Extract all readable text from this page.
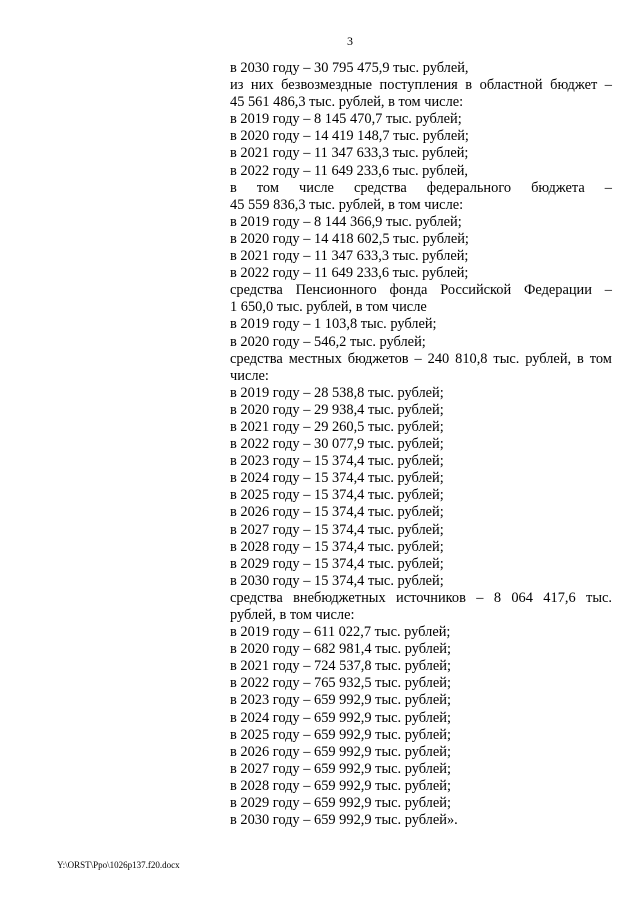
3
в 2030 году – 30 795 475,9 тыс. рублей,
из них безвозмездные поступления в областной бюджет –
45 561 486,3 тыс. рублей, в том числе:
в 2019 году – 8 145 470,7 тыс. рублей;
в 2020 году – 14 419 148,7 тыс. рублей;
в 2021 году – 11 347 633,3 тыс. рублей;
в 2022 году – 11 649 233,6 тыс. рублей,
в том числе средства федерального бюджета –
45 559 836,3 тыс. рублей, в том числе:
в 2019 году – 8 144 366,9 тыс. рублей;
в 2020 году – 14 418 602,5 тыс. рублей;
в 2021 году – 11 347 633,3 тыс. рублей;
в 2022 году – 11 649 233,6 тыс. рублей;
средства Пенсионного фонда Российской Федерации –
1 650,0 тыс. рублей, в том числе
в 2019 году – 1 103,8 тыс. рублей;
в 2020 году – 546,2 тыс. рублей;
средства местных бюджетов – 240 810,8 тыс. рублей, в том
числе:
в 2019 году – 28 538,8 тыс. рублей;
в 2020 году – 29 938,4 тыс. рублей;
в 2021 году – 29 260,5 тыс. рублей;
в 2022 году – 30 077,9 тыс. рублей;
в 2023 году – 15 374,4 тыс. рублей;
в 2024 году – 15 374,4 тыс. рублей;
в 2025 году – 15 374,4 тыс. рублей;
в 2026 году – 15 374,4 тыс. рублей;
в 2027 году – 15 374,4 тыс. рублей;
в 2028 году – 15 374,4 тыс. рублей;
в 2029 году – 15 374,4 тыс. рублей;
в 2030 году – 15 374,4 тыс. рублей;
средства внебюджетных источников – 8 064 417,6 тыс.
рублей, в том числе:
в 2019 году – 611 022,7 тыс. рублей;
в 2020 году – 682 981,4 тыс. рублей;
в 2021 году – 724 537,8 тыс. рублей;
в 2022 году – 765 932,5 тыс. рублей;
в 2023 году – 659 992,9 тыс. рублей;
в 2024 году – 659 992,9 тыс. рублей;
в 2025 году – 659 992,9 тыс. рублей;
в 2026 году – 659 992,9 тыс. рублей;
в 2027 году – 659 992,9 тыс. рублей;
в 2028 году – 659 992,9 тыс. рублей;
в 2029 году – 659 992,9 тыс. рублей;
в 2030 году – 659 992,9 тыс. рублей».
Y:\ORST\Ppo\1026p137.f20.docx
